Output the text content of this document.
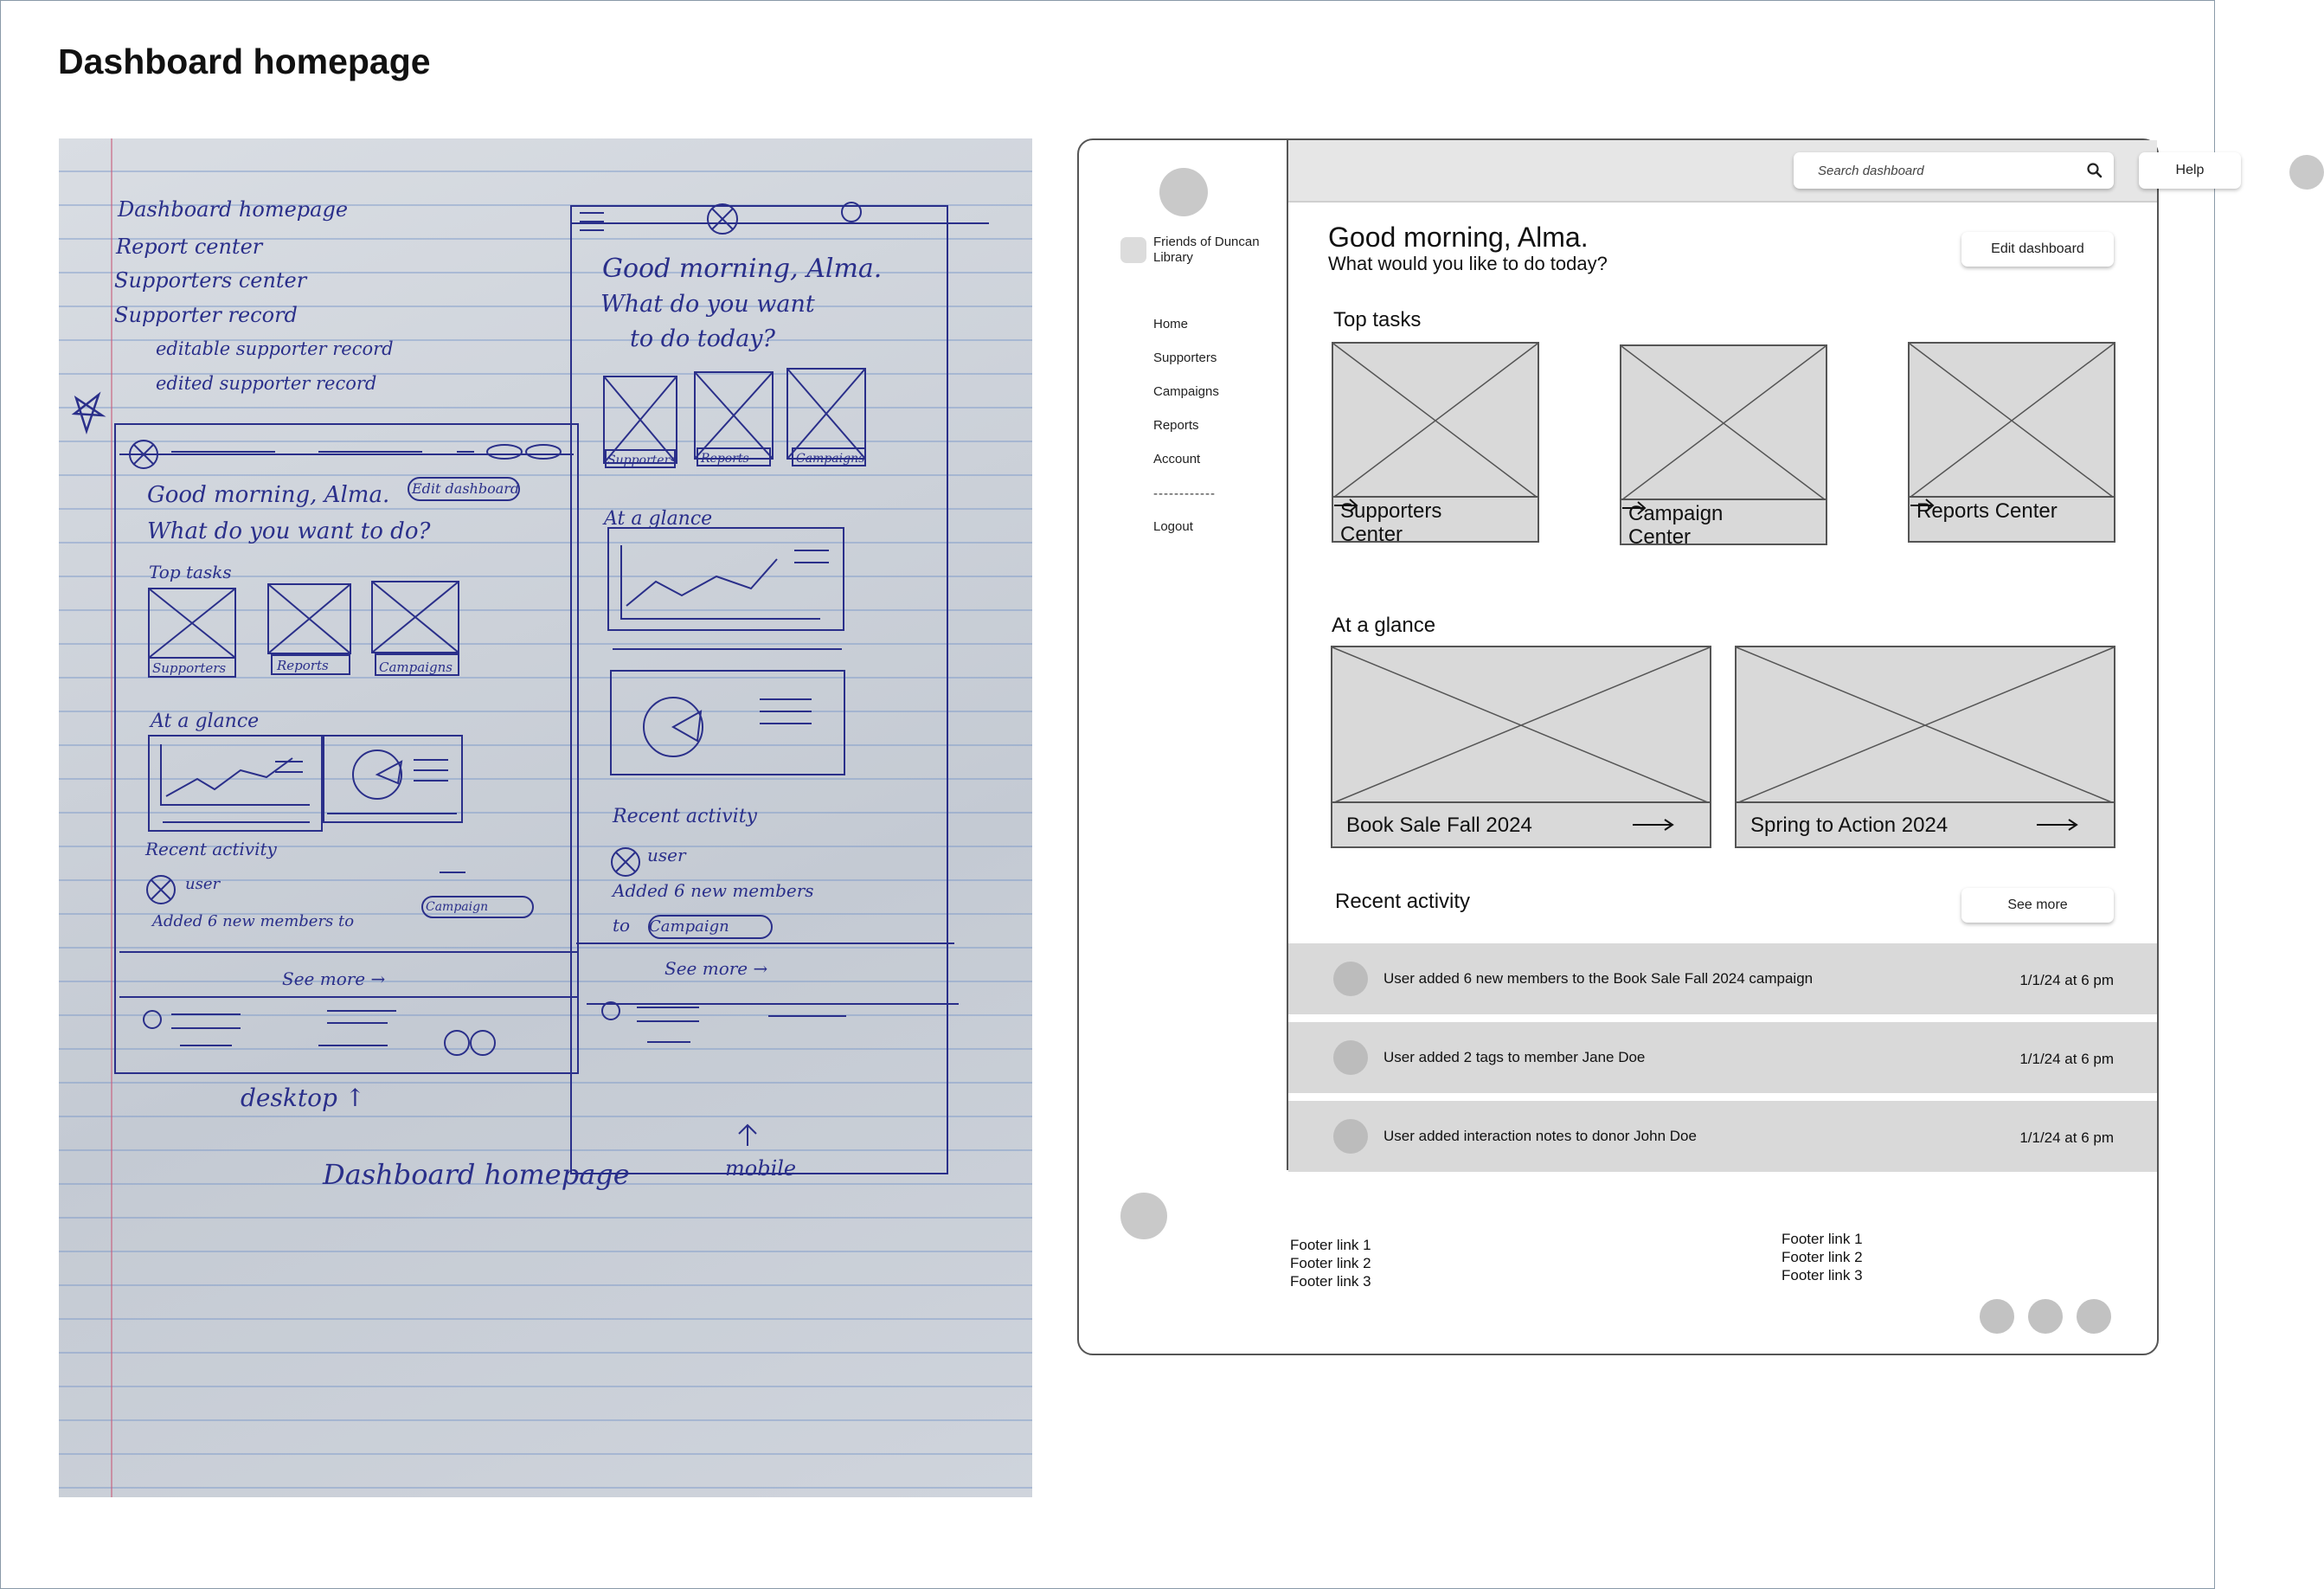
Dashboard homepage
Dashboard homepage
Report center
Supporters center
Supporter record
editable supporter record
edited supporter record
Good morning, Alma.
What do you want to do?
Top tasks
Edit dashboard
Supporters	Reports	Campaigns
At a glance
Recent activity
user
Added 6 new members to
Campaign
See more →
desktop ↑
Good morning, Alma.
What do you want
to do today?
Supporters Reports	Campaigns
At a glance
Recent activity
user
Added 6 new members
to Campaign
See more →
mobile
Dashboard homepage
Friends of Duncan Library
Home
Supporters
Campaigns
Reports
Account
------------
Logout
Search dashboard
Help
Good morning, Alma.
What would you like to do today?
Edit dashboard
Top tasks
Supporters Center
Campaign Center
Reports Center
At a glance
Book Sale Fall 2024	Spring to Action 2024
Recent activity	See more
User added 6 new members to the Book Sale Fall 2024 campaign	1/1/24 at 6 pm
User added 2 tags to member Jane Doe	1/1/24 at 6 pm
User added interaction notes to donor John Doe	1/1/24 at 6 pm
Footer link 1
Footer link 2
Footer link 3
Footer link 1
Footer link 2
Footer link 3
